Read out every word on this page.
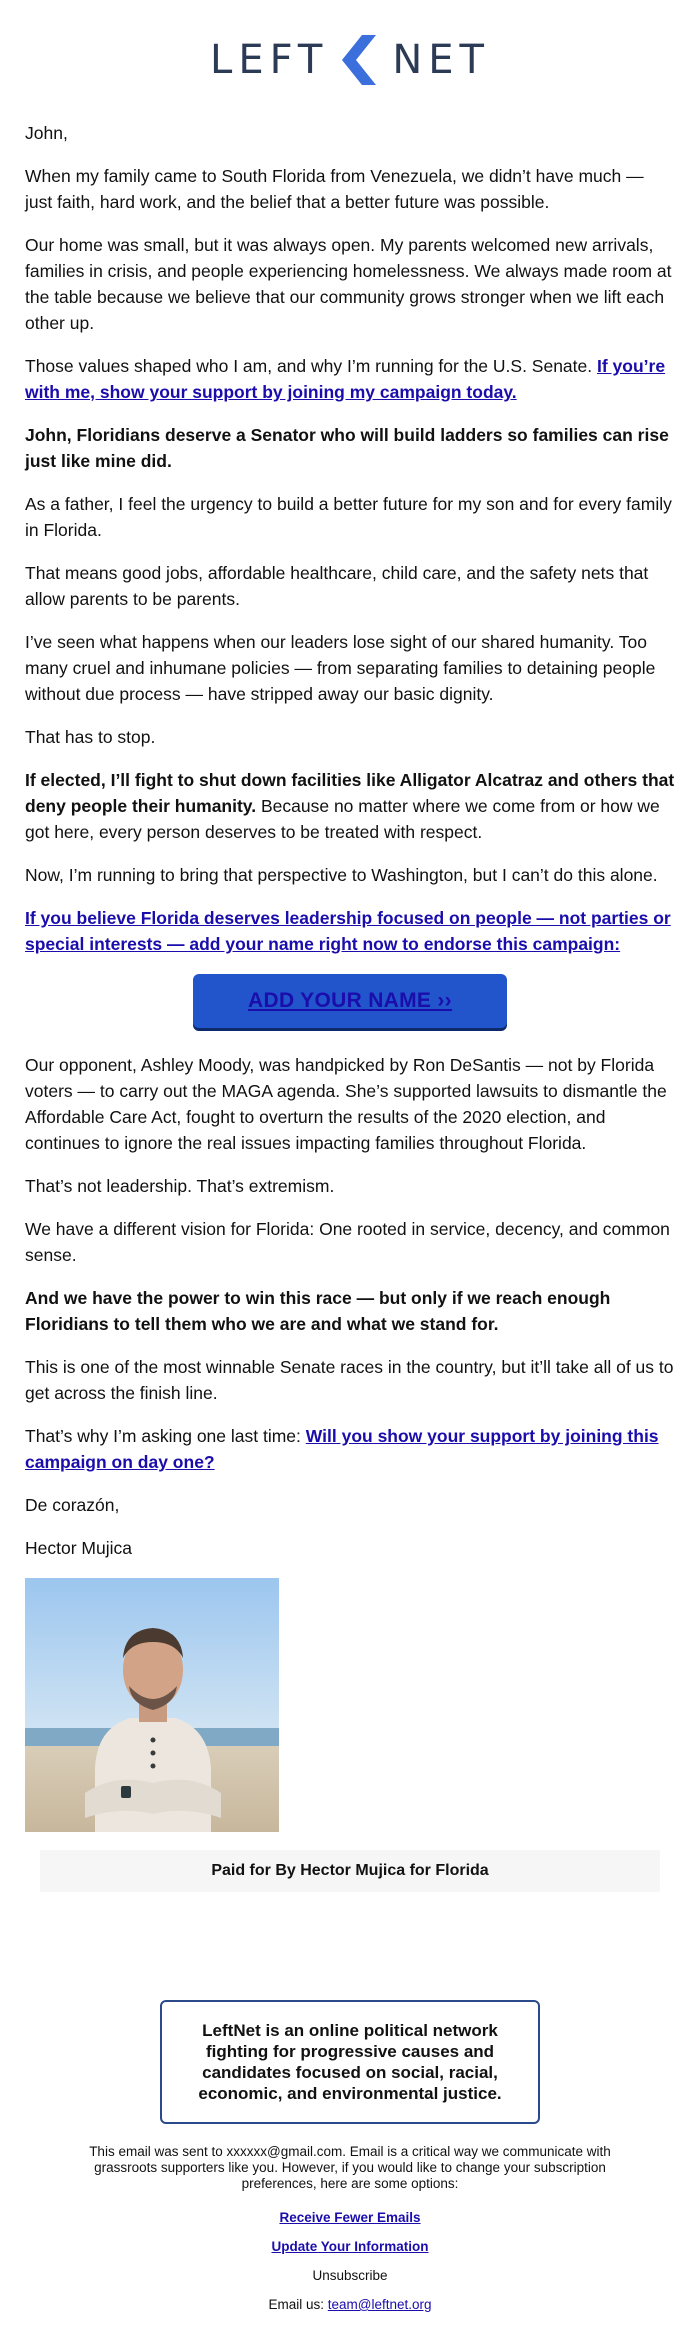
LEFT NET

John,

When my family came to South Florida from Venezuela, we didn’t have much — just faith, hard work, and the belief that a better future was possible.

Our home was small, but it was always open. My parents welcomed new arrivals, families in crisis, and people experiencing homelessness. We always made room at the table because we believe that our community grows stronger when we lift each other up.

Those values shaped who I am, and why I’m running for the U.S. Senate. If you’re with me, show your support by joining my campaign today.

John, Floridians deserve a Senator who will build ladders so families can rise just like mine did.

As a father, I feel the urgency to build a better future for my son and for every family in Florida.

That means good jobs, affordable healthcare, child care, and the safety nets that allow parents to be parents.

I’ve seen what happens when our leaders lose sight of our shared humanity. Too many cruel and inhumane policies — from separating families to detaining people without due process — have stripped away our basic dignity.

That has to stop.

If elected, I’ll fight to shut down facilities like Alligator Alcatraz and others that deny people their humanity. Because no matter where we come from or how we got here, every person deserves to be treated with respect.

Now, I’m running to bring that perspective to Washington, but I can’t do this alone.

If you believe Florida deserves leadership focused on people — not parties or special interests — add your name right now to endorse this campaign:

ADD YOUR NAME ››

Our opponent, Ashley Moody, was handpicked by Ron DeSantis — not by Florida voters — to carry out the MAGA agenda. She’s supported lawsuits to dismantle the Affordable Care Act, fought to overturn the results of the 2020 election, and continues to ignore the real issues impacting families throughout Florida.

That’s not leadership. That’s extremism.

We have a different vision for Florida: One rooted in service, decency, and common sense.

And we have the power to win this race — but only if we reach enough Floridians to tell them who we are and what we stand for.

This is one of the most winnable Senate races in the country, but it’ll take all of us to get across the finish line.

That’s why I’m asking one last time: Will you show your support by joining this campaign on day one?

De corazón,

Hector Mujica

Paid for By Hector Mujica for Florida
LeftNet is an online political network fighting for progressive causes and candidates focused on social, racial, economic, and environmental justice.

This email was sent to xxxxxx@gmail.com. Email is a critical way we communicate with grassroots supporters like you. However, if you would like to change your subscription preferences, here are some options:

Receive Fewer Emails
Update Your Information
Unsubscribe

Email us: team@leftnet.org
